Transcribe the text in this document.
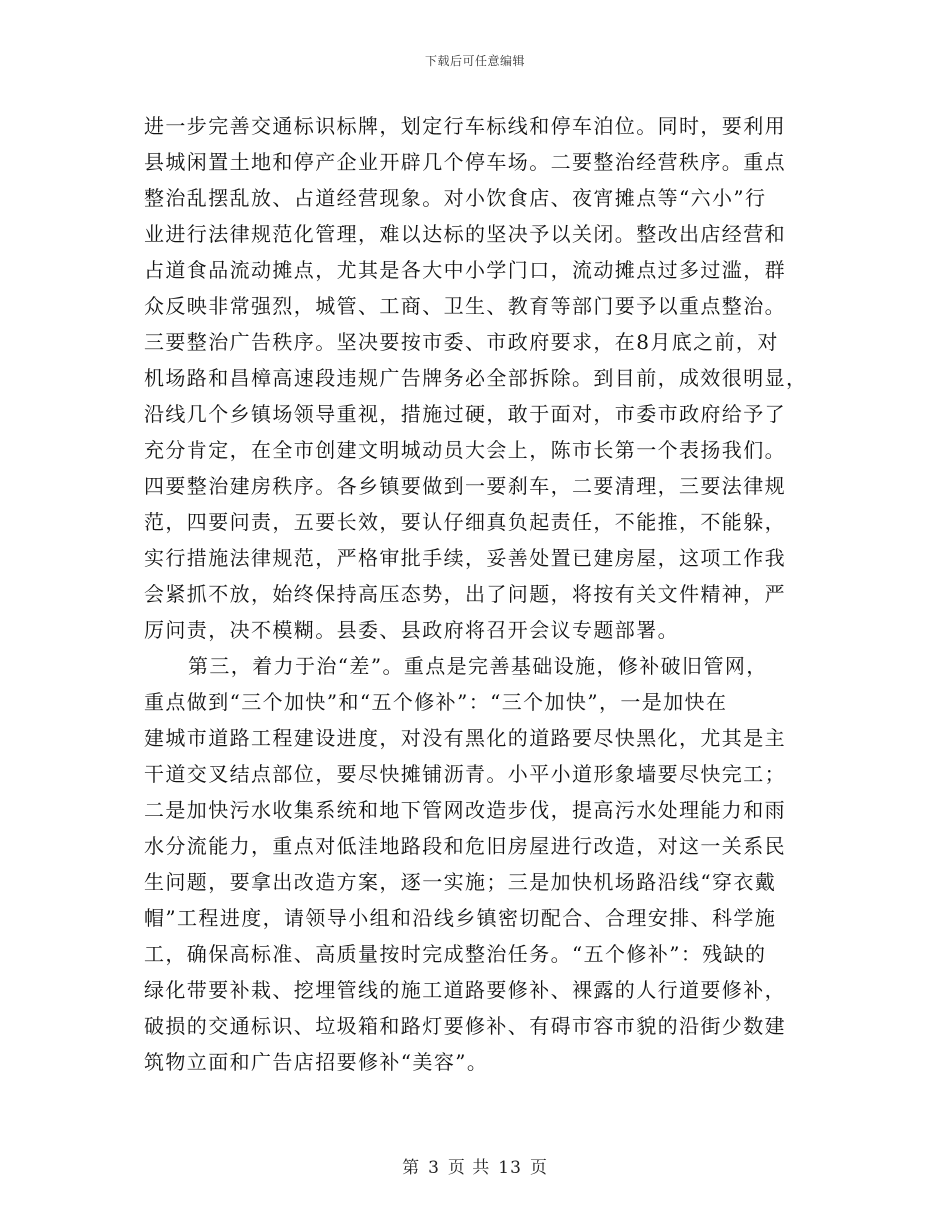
下载后可任意编辑
进一步完善交通标识标牌，划定行车标线和停车泊位。同时，要利用
县城闲置土地和停产企业开辟几个停车场。二要整治经营秩序。重点
整治乱摆乱放、占道经营现象。对小饮食店、夜宵摊点等“六小”行
业进行法律规范化管理，难以达标的坚决予以关闭。整改出店经营和
占道食品流动摊点，尤其是各大中小学门口，流动摊点过多过滥，群
众反映非常强烈，城管、工商、卫生、教育等部门要予以重点整治。
三要整治广告秩序。坚决要按市委、市政府要求，在8月底之前，对
机场路和昌樟高速段违规广告牌务必全部拆除。到目前，成效很明显，
沿线几个乡镇场领导重视，措施过硬，敢于面对，市委市政府给予了
充分肯定，在全市创建文明城动员大会上，陈市长第一个表扬我们。
四要整治建房秩序。各乡镇要做到一要刹车，二要清理，三要法律规
范，四要问责，五要长效，要认仔细真负起责任，不能推，不能躲，
实行措施法律规范，严格审批手续，妥善处置已建房屋，这项工作我
会紧抓不放，始终保持高压态势，出了问题，将按有关文件精神，严
厉问责，决不模糊。县委、县政府将召开会议专题部署。
第三，着力于治“差”。重点是完善基础设施，修补破旧管网，
重点做到“三个加快”和“五个修补”：“三个加快”，一是加快在
建城市道路工程建设进度，对没有黑化的道路要尽快黑化，尤其是主
干道交叉结点部位，要尽快摊铺沥青。小平小道形象墙要尽快完工；
二是加快污水收集系统和地下管网改造步伐，提高污水处理能力和雨
水分流能力，重点对低洼地路段和危旧房屋进行改造，对这一关系民
生问题，要拿出改造方案，逐一实施；三是加快机场路沿线“穿衣戴
帽”工程进度，请领导小组和沿线乡镇密切配合、合理安排、科学施
工，确保高标准、高质量按时完成整治任务。“五个修补”：残缺的
绿化带要补栽、挖埋管线的施工道路要修补、裸露的人行道要修补，
破损的交通标识、垃圾箱和路灯要修补、有碍市容市貌的沿街少数建
筑物立面和广告店招要修补“美容”。
第 3 页 共 13 页
